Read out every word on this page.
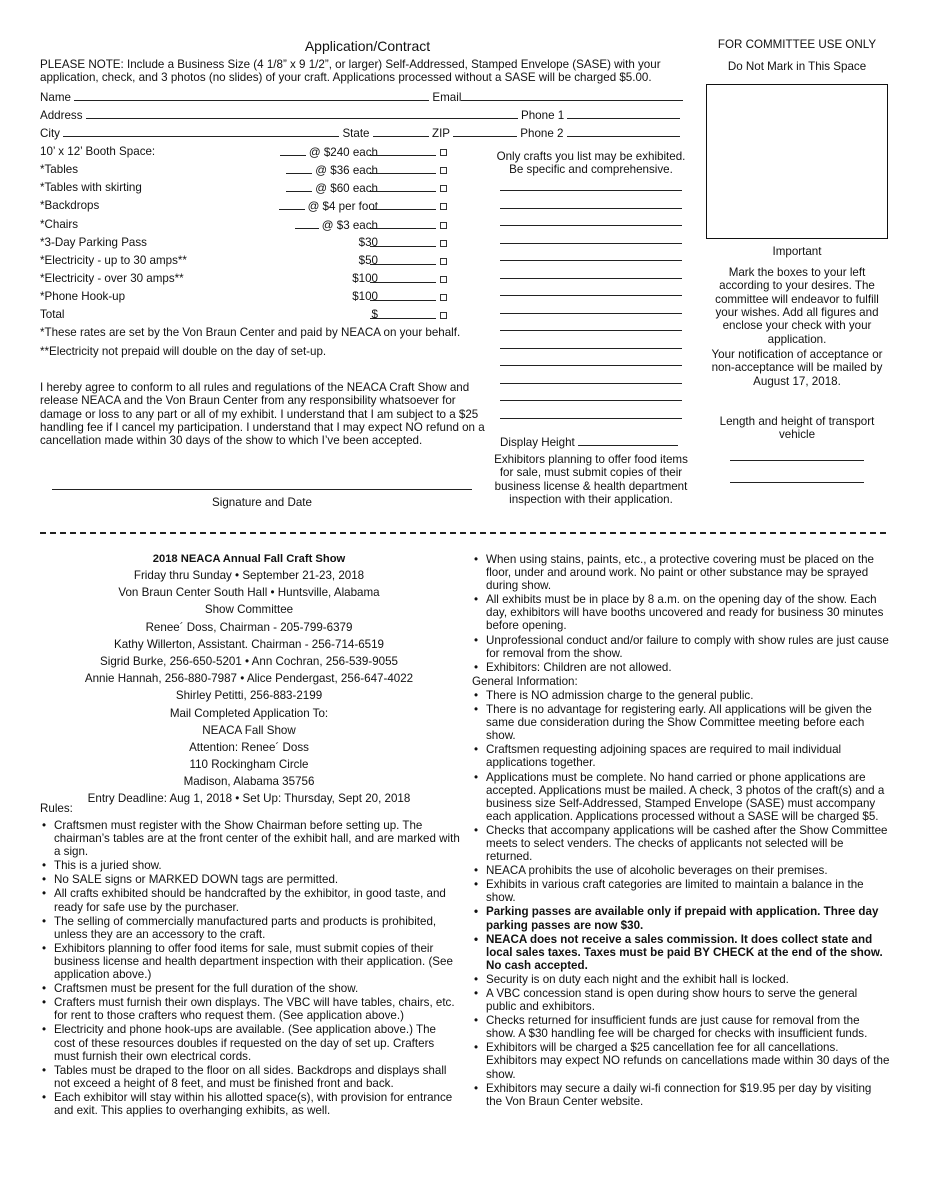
Application/Contract
PLEASE NOTE: Include a Business Size (4 1/8” x 9 1/2”, or larger) Self-Addressed, Stamped Envelope (SASE) with your application, check, and 3 photos (no slides) of your craft. Applications processed without a SASE will be charged $5.00.
FOR COMMITTEE USE ONLY
Do Not Mark in This Space
Important
Mark the boxes to your left according to your desires. The committee will endeavor to fulfill your wishes. Add all figures and enclose your check with your application.
Your notification of acceptance or non-acceptance will be mailed by August 17, 2018.
Length and height of transport vehicle
Name	Email
Address	Phone 1
City	State	ZIP	Phone 2
10’ x 12’ Booth Space:	@ $240 each
*Tables	@ $36 each
*Tables with skirting	@ $60 each
*Backdrops	@ $4 per foot
*Chairs	@ $3 each
*3-Day Parking Pass	$30
*Electricity - up to 30 amps**	$50
*Electricity - over 30 amps**	$100
*Phone Hook-up	$100
Total	$
*These rates are set by the Von Braun Center and paid by NEACA on your behalf.
**Electricity not prepaid will double on the day of set-up.
Only crafts you list may be exhibited. Be specific and comprehensive.
Display Height
Exhibitors planning to offer food items for sale, must submit copies of their business license & health department inspection with their application.
I hereby agree to conform to all rules and regulations of the NEACA Craft Show and release NEACA and the Von Braun Center from any responsibility whatsoever for damage or loss to any part or all of my exhibit. I understand that I am subject to a $25 handling fee if I cancel my participation. I understand that I may expect NO refund on a cancellation made within 30 days of the show to which I’ve been accepted.
Signature and Date
2018 NEACA Annual Fall Craft Show
Friday thru Sunday • September 21-23, 2018
Von Braun Center South Hall • Huntsville, Alabama
Show Committee
Renee´ Doss, Chairman - 205-799-6379
Kathy Willerton, Assistant. Chairman - 256-714-6519
Sigrid Burke, 256-650-5201 • Ann Cochran, 256-539-9055
Annie Hannah, 256-880-7987 • Alice Pendergast, 256-647-4022
Shirley Petitti, 256-883-2199
Mail Completed Application To:
NEACA Fall Show
Attention: Renee´ Doss
110 Rockingham Circle
Madison, Alabama 35756
Entry Deadline: Aug 1, 2018 • Set Up: Thursday, Sept 20, 2018
Rules:
• Craftsmen must register with the Show Chairman before setting up. The chairman’s tables are at the front center of the exhibit hall, and are marked with a sign.
• This is a juried show.
• No SALE signs or MARKED DOWN tags are permitted.
• All crafts exhibited should be handcrafted by the exhibitor, in good taste, and ready for safe use by the purchaser.
• The selling of commercially manufactured parts and products is prohibited, unless they are an accessory to the craft.
• Exhibitors planning to offer food items for sale, must submit copies of their business license and health department inspection with their application. (See application above.)
• Craftsmen must be present for the full duration of the show.
• Crafters must furnish their own displays. The VBC will have tables, chairs, etc. for rent to those crafters who request them. (See application above.)
• Electricity and phone hook-ups are available. (See application above.) The cost of these resources doubles if requested on the day of set up. Crafters must furnish their own electrical cords.
• Tables must be draped to the floor on all sides. Backdrops and displays shall not exceed a height of 8 feet, and must be finished front and back.
• Each exhibitor will stay within his allotted space(s), with provision for entrance and exit. This applies to overhanging exhibits, as well.
• When using stains, paints, etc., a protective covering must be placed on the floor, under and around work. No paint or other substance may be sprayed during show.
• All exhibits must be in place by 8 a.m. on the opening day of the show. Each day, exhibitors will have booths uncovered and ready for business 30 minutes before opening.
• Unprofessional conduct and/or failure to comply with show rules are just cause for removal from the show.
• Exhibitors: Children are not allowed.
General Information:
• There is NO admission charge to the general public.
• There is no advantage for registering early. All applications will be given the same due consideration during the Show Committee meeting before each show.
• Craftsmen requesting adjoining spaces are required to mail individual applications together.
• Applications must be complete. No hand carried or phone applications are accepted. Applications must be mailed. A check, 3 photos of the craft(s) and a business size Self-Addressed, Stamped Envelope (SASE) must accompany each application. Applications processed without a SASE will be charged $5.
• Checks that accompany applications will be cashed after the Show Committee meets to select venders. The checks of applicants not selected will be returned.
• NEACA prohibits the use of alcoholic beverages on their premises.
• Exhibits in various craft categories are limited to maintain a balance in the show.
• Parking passes are available only if prepaid with application. Three day parking passes are now $30.
• NEACA does not receive a sales commission. It does collect state and local sales taxes. Taxes must be paid BY CHECK at the end of the show. No cash accepted.
• Security is on duty each night and the exhibit hall is locked.
• A VBC concession stand is open during show hours to serve the general public and exhibitors.
• Checks returned for insufficient funds are just cause for removal from the show. A $30 handling fee will be charged for checks with insufficient funds.
• Exhibitors will be charged a $25 cancellation fee for all cancellations. Exhibitors may expect NO refunds on cancellations made within 30 days of the show.
• Exhibitors may secure a daily wi-fi connection for $19.95 per day by visiting the Von Braun Center website.
